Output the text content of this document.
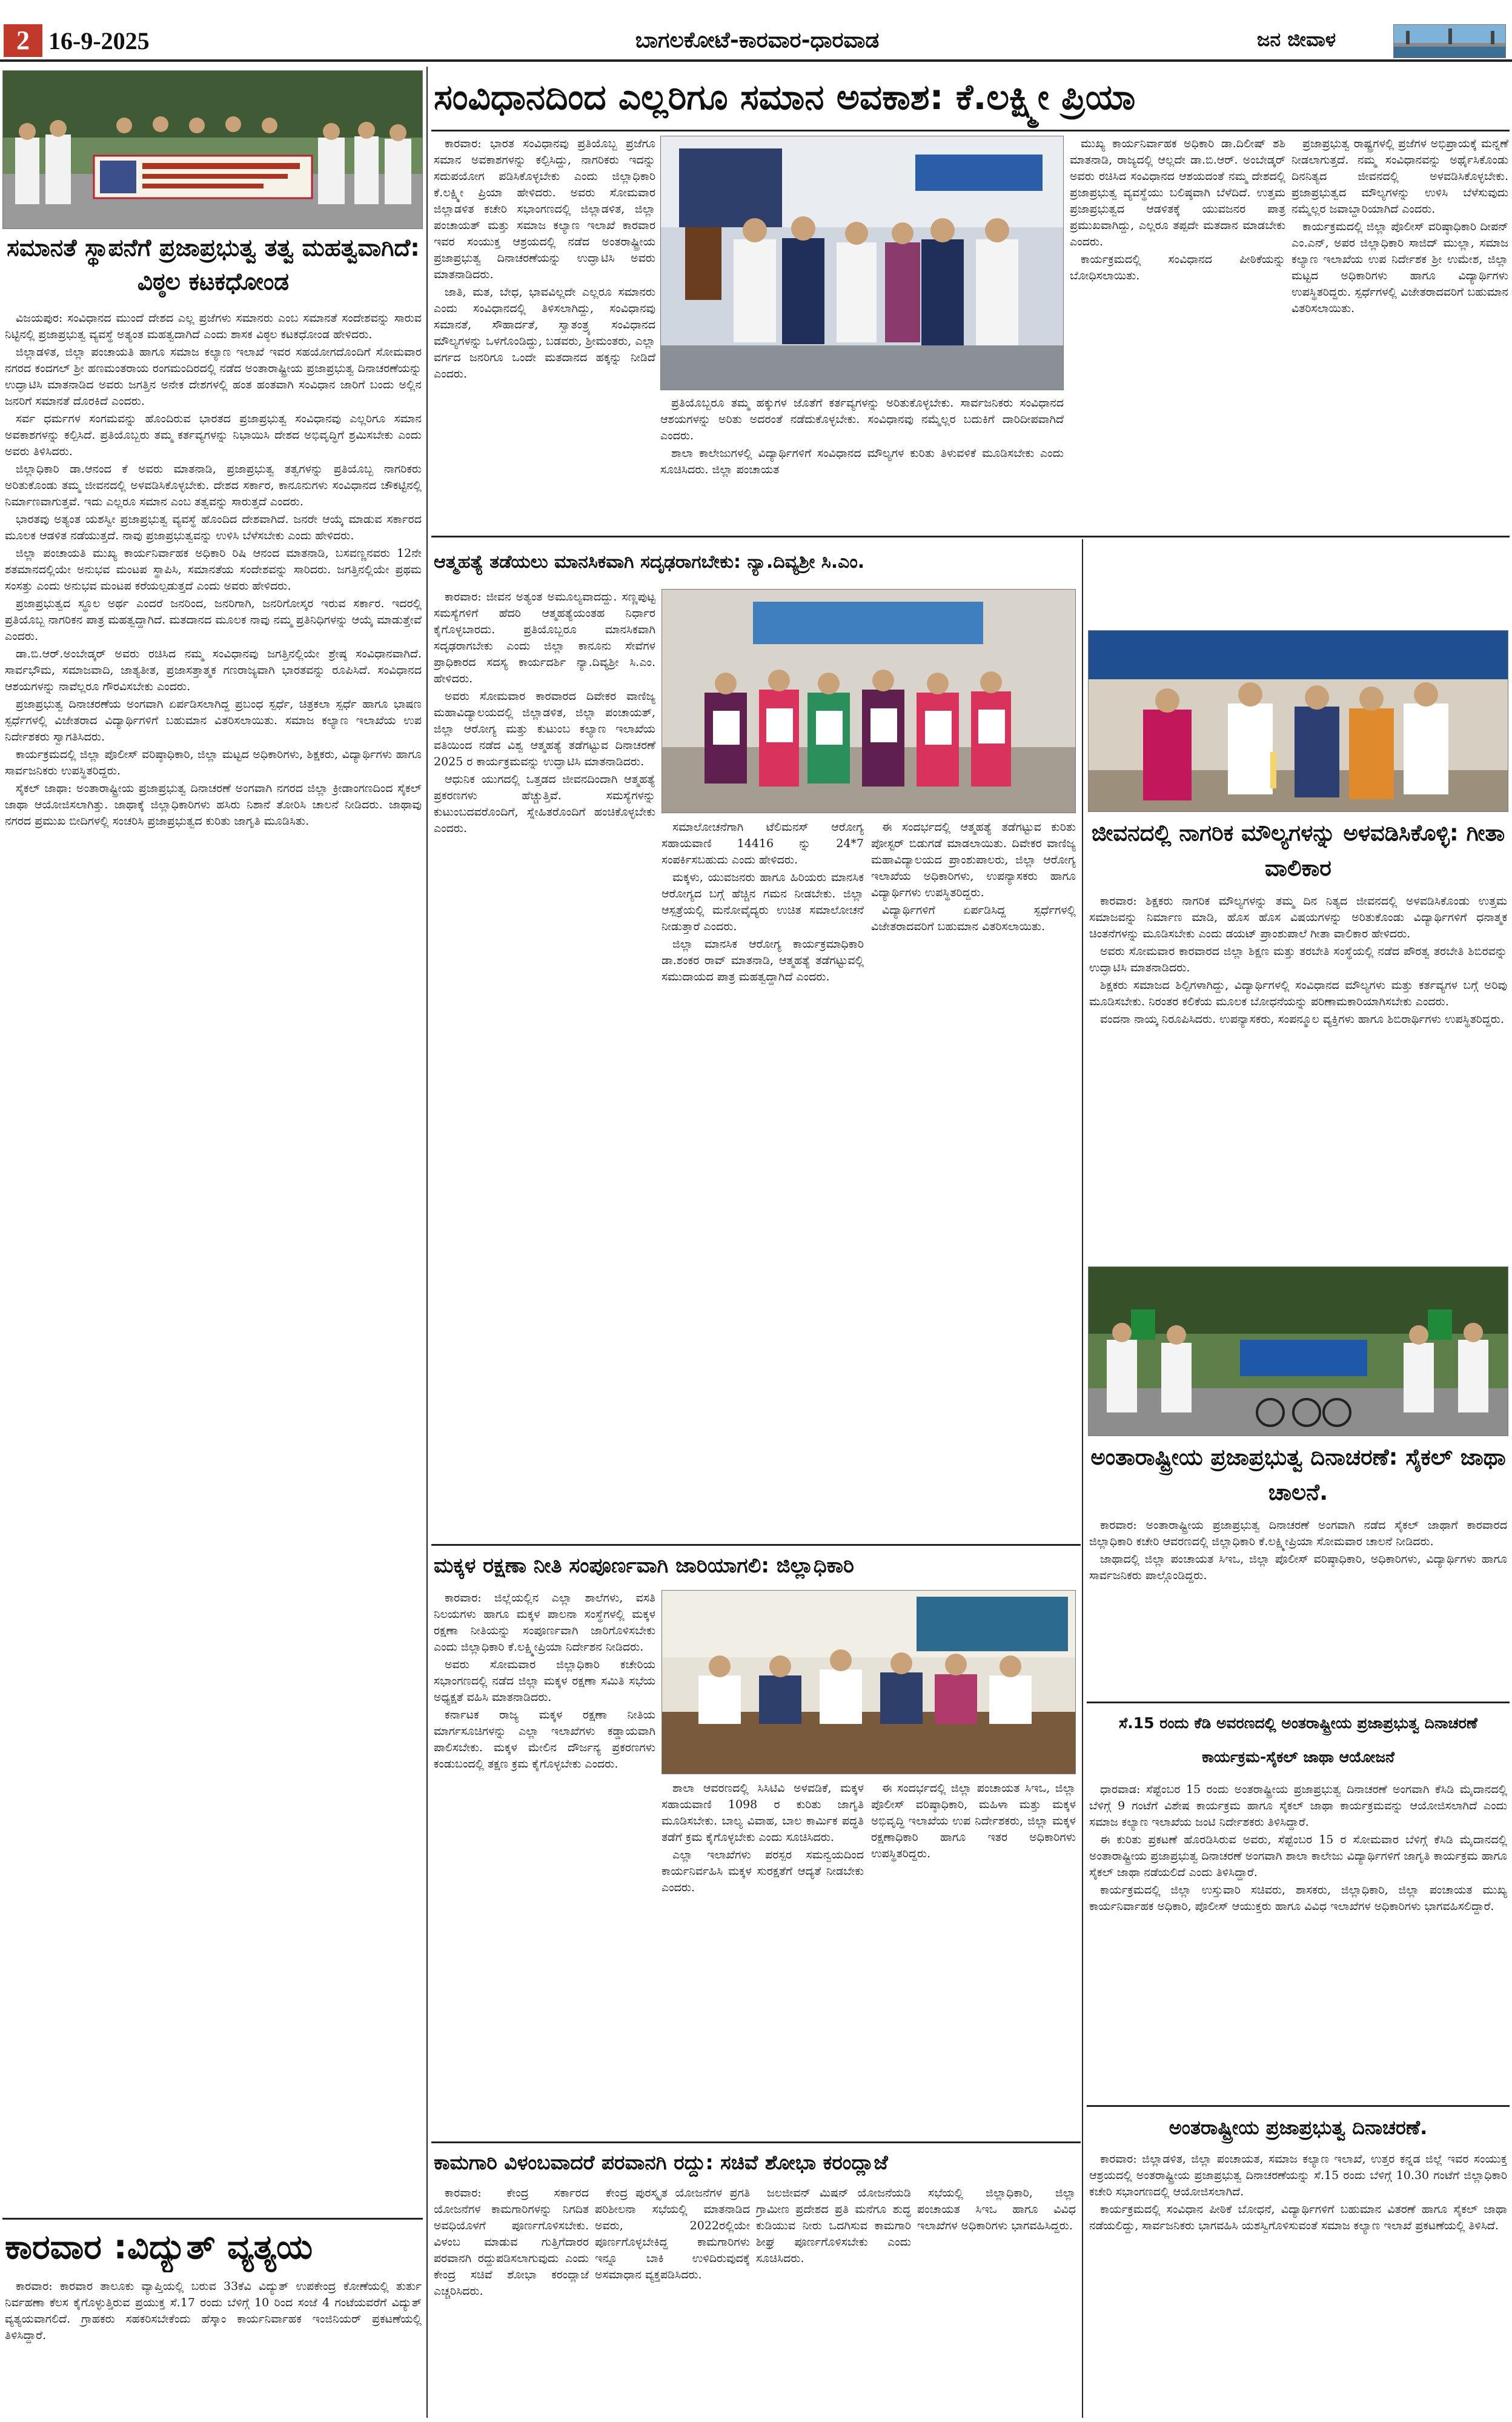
2 16-9-2025	ಬಾಗಲಕೋಟೆ-ಕಾರವಾರ-ಧಾರವಾಡ	ಜನ ಜೀವಾಳ
ಸಮಾನತೆ ಸ್ಥಾಪನೆಗೆ ಪ್ರಜಾಪ್ರಭುತ್ವ ತತ್ವ ಮಹತ್ವವಾಗಿದೆ: ವಿಠ್ಠಲ ಕಟಕಧೋಂಡ

ವಿಜಯಪುರ: ಸಂವಿಧಾನದ ಮುಂದೆ ದೇಶದ ಎಲ್ಲ ಪ್ರಜೆಗಳು ಸಮಾನರು ಎಂಬ ಸಮಾನತೆ ಸಂದೇಶವನ್ನು ಸಾರುವ ನಿಟ್ಟಿನಲ್ಲಿ ಪ್ರಜಾಪ್ರಭುತ್ವ ವ್ಯವಸ್ಥೆ ಅತ್ಯಂತ ಮಹತ್ವದಾಗಿದೆ ಎಂದು ಶಾಸಕ ವಿಠ್ಠಲ ಕಟಕಧೋಂಡ ಹೇಳಿದರು.

ಜಿಲ್ಲಾಡಳಿತ, ಜಿಲ್ಲಾ ಪಂಚಾಯತಿ ಹಾಗೂ ಸಮಾಜ ಕಲ್ಯಾಣ ಇಲಾಖೆ ಇವರ ಸಹಯೋಗದೊಂದಿಗೆ ಸೋಮವಾರ ನಗರದ ಕಂದಗಲ್ ಶ್ರೀ ಹಣಮಂತರಾಯ ರಂಗಮಂದಿರದಲ್ಲಿ ನಡೆದ ಅಂತಾರಾಷ್ಟ್ರೀಯ ಪ್ರಜಾಪ್ರಭುತ್ವ ದಿನಾಚರಣೆಯನ್ನು ಉದ್ಘಾಟಿಸಿ ಮಾತನಾಡಿದ ಅವರು ಜಗತ್ತಿನ ಅನೇಕ ದೇಶಗಳಲ್ಲಿ ಹಂತ ಹಂತವಾಗಿ ಸಂವಿಧಾನ ಜಾರಿಗೆ ಬಂದು ಅಲ್ಲಿನ ಜನರಿಗೆ ಸಮಾನತೆ ದೊರಕಿದೆ ಎಂದರು.

ಸರ್ವ ಧರ್ಮಗಳ ಸಂಗಮವನ್ನು ಹೊಂದಿರುವ ಭಾರತದ ಪ್ರಜಾಪ್ರಭುತ್ವ ಸಂವಿಧಾನವು ಎಲ್ಲರಿಗೂ ಸಮಾನ ಅವಕಾಶಗಳನ್ನು ಕಲ್ಪಿಸಿದೆ. ಪ್ರತಿಯೊಬ್ಬರು ತಮ್ಮ ಕರ್ತವ್ಯಗಳನ್ನು ನಿಭಾಯಿಸಿ ದೇಶದ ಅಭಿವೃದ್ಧಿಗೆ ಶ್ರಮಿಸಬೇಕು ಎಂದು ಅವರು ತಿಳಿಸಿದರು.

ಜಿಲ್ಲಾಧಿಕಾರಿ ಡಾ.ಆನಂದ ಕೆ ಅವರು ಮಾತನಾಡಿ, ಪ್ರಜಾಪ್ರಭುತ್ವ ತತ್ವಗಳನ್ನು ಪ್ರತಿಯೊಬ್ಬ ನಾಗರಿಕರು ಅರಿತುಕೊಂಡು ತಮ್ಮ ಜೀವನದಲ್ಲಿ ಅಳವಡಿಸಿಕೊಳ್ಳಬೇಕು. ದೇಶದ ಸರ್ಕಾರ, ಕಾನೂನುಗಳು ಸಂವಿಧಾನದ ಚೌಕಟ್ಟಿನಲ್ಲಿ ನಿರ್ಮಾಣವಾಗುತ್ತವೆ. ಇದು ಎಲ್ಲರೂ ಸಮಾನ ಎಂಬ ತತ್ವವನ್ನು ಸಾರುತ್ತದೆ ಎಂದರು.

ಭಾರತವು ಅತ್ಯಂತ ಯಶಸ್ವೀ ಪ್ರಜಾಪ್ರಭುತ್ವ ವ್ಯವಸ್ಥೆ ಹೊಂದಿದ ದೇಶವಾಗಿದೆ. ಜನರೇ ಆಯ್ಕೆ ಮಾಡುವ ಸರ್ಕಾರದ ಮೂಲಕ ಆಡಳಿತ ನಡೆಯುತ್ತದೆ. ನಾವು ಪ್ರಜಾಪ್ರಭುತ್ವವನ್ನು ಉಳಿಸಿ ಬೆಳೆಸಬೇಕು ಎಂದು ಹೇಳಿದರು.

ಜಿಲ್ಲಾ ಪಂಚಾಯತಿ ಮುಖ್ಯ ಕಾರ್ಯನಿರ್ವಾಹಕ ಅಧಿಕಾರಿ ರಿಷಿ ಆನಂದ ಮಾತನಾಡಿ, ಬಸವಣ್ಣನವರು 12ನೇ ಶತಮಾನದಲ್ಲಿಯೇ ಅನುಭವ ಮಂಟಪ ಸ್ಥಾಪಿಸಿ, ಸಮಾನತೆಯ ಸಂದೇಶವನ್ನು ಸಾರಿದರು. ಜಗತ್ತಿನಲ್ಲಿಯೇ ಪ್ರಥಮ ಸಂಸತ್ತು ಎಂದು ಅನುಭವ ಮಂಟಪ ಕರೆಯಲ್ಪಡುತ್ತದೆ ಎಂದು ಅವರು ಹೇಳಿದರು.

ಪ್ರಜಾಪ್ರಭುತ್ವದ ಸ್ಥೂಲ ಅರ್ಥ ಎಂದರೆ ಜನರಿಂದ, ಜನರಿಗಾಗಿ, ಜನರಿಗೋಸ್ಕರ ಇರುವ ಸರ್ಕಾರ. ಇದರಲ್ಲಿ ಪ್ರತಿಯೊಬ್ಬ ನಾಗರಿಕನ ಪಾತ್ರ ಮಹತ್ವದ್ದಾಗಿದೆ. ಮತದಾನದ ಮೂಲಕ ನಾವು ನಮ್ಮ ಪ್ರತಿನಿಧಿಗಳನ್ನು ಆಯ್ಕೆ ಮಾಡುತ್ತೇವೆ ಎಂದರು.

ಡಾ.ಬಿ.ಆರ್.ಅಂಬೇಡ್ಕರ್ ಅವರು ರಚಿಸಿದ ನಮ್ಮ ಸಂವಿಧಾನವು ಜಗತ್ತಿನಲ್ಲಿಯೇ ಶ್ರೇಷ್ಠ ಸಂವಿಧಾನವಾಗಿದೆ. ಸಾರ್ವಭೌಮ, ಸಮಾಜವಾದಿ, ಜಾತ್ಯತೀತ, ಪ್ರಜಾಸತ್ತಾತ್ಮಕ ಗಣರಾಜ್ಯವಾಗಿ ಭಾರತವನ್ನು ರೂಪಿಸಿದೆ. ಸಂವಿಧಾನದ ಆಶಯಗಳನ್ನು ನಾವೆಲ್ಲರೂ ಗೌರವಿಸಬೇಕು ಎಂದರು.

ಪ್ರಜಾಪ್ರಭುತ್ವ ದಿನಾಚರಣೆಯ ಅಂಗವಾಗಿ ಏರ್ಪಡಿಸಲಾಗಿದ್ದ ಪ್ರಬಂಧ ಸ್ಪರ್ಧೆ, ಚಿತ್ರಕಲಾ ಸ್ಪರ್ಧೆ ಹಾಗೂ ಭಾಷಣ ಸ್ಪರ್ಧೆಗಳಲ್ಲಿ ವಿಜೇತರಾದ ವಿದ್ಯಾರ್ಥಿಗಳಿಗೆ ಬಹುಮಾನ ವಿತರಿಸಲಾಯಿತು. ಸಮಾಜ ಕಲ್ಯಾಣ ಇಲಾಖೆಯ ಉಪ ನಿರ್ದೇಶಕರು ಸ್ವಾಗತಿಸಿದರು.

ಕಾರ್ಯಕ್ರಮದಲ್ಲಿ ಜಿಲ್ಲಾ ಪೊಲೀಸ್ ವರಿಷ್ಠಾಧಿಕಾರಿ, ಜಿಲ್ಲಾ ಮಟ್ಟದ ಅಧಿಕಾರಿಗಳು, ಶಿಕ್ಷಕರು, ವಿದ್ಯಾರ್ಥಿಗಳು ಹಾಗೂ ಸಾರ್ವಜನಿಕರು ಉಪಸ್ಥಿತರಿದ್ದರು.

ಸೈಕಲ್ ಜಾಥಾ: ಅಂತಾರಾಷ್ಟ್ರೀಯ ಪ್ರಜಾಪ್ರಭುತ್ವ ದಿನಾಚರಣೆ ಅಂಗವಾಗಿ ನಗರದ ಜಿಲ್ಲಾ ಕ್ರೀಡಾಂಗಣದಿಂದ ಸೈಕಲ್ ಜಾಥಾ ಆಯೋಜಿಸಲಾಗಿತ್ತು. ಜಾಥಾಕ್ಕೆ ಜಿಲ್ಲಾಧಿಕಾರಿಗಳು ಹಸಿರು ನಿಶಾನೆ ತೋರಿಸಿ ಚಾಲನೆ ನೀಡಿದರು. ಜಾಥಾವು ನಗರದ ಪ್ರಮುಖ ಬೀದಿಗಳಲ್ಲಿ ಸಂಚರಿಸಿ ಪ್ರಜಾಪ್ರಭುತ್ವದ ಕುರಿತು ಜಾಗೃತಿ ಮೂಡಿಸಿತು.

ಕಾರವಾರ :ವಿದ್ಯುತ್ ವ್ಯತ್ಯಯ

ಕಾರವಾರ: ಕಾರವಾರ ತಾಲೂಕು ವ್ಯಾಪ್ತಿಯಲ್ಲಿ ಬರುವ 33ಕೆವಿ ವಿದ್ಯುತ್ ಉಪಕೇಂದ್ರ ಕೋಣೆಯಲ್ಲಿ ತುರ್ತು ನಿರ್ವಹಣಾ ಕೆಲಸ ಕೈಗೊಳ್ಳುತ್ತಿರುವ ಪ್ರಯುಕ್ತ ಸೆ.17 ರಂದು ಬೆಳಿಗ್ಗೆ 10 ರಿಂದ ಸಂಜೆ 4 ಗಂಟೆಯವರೆಗೆ ವಿದ್ಯುತ್ ವ್ಯತ್ಯಯವಾಗಲಿದೆ. ಗ್ರಾಹಕರು ಸಹಕರಿಸಬೇಕೆಂದು ಹೆಸ್ಕಾಂ ಕಾರ್ಯನಿರ್ವಾಹಕ ಇಂಜಿನಿಯರ್ ಪ್ರಕಟಣೆಯಲ್ಲಿ ತಿಳಿಸಿದ್ದಾರೆ.

ಸಂವಿಧಾನದಿಂದ ಎಲ್ಲರಿಗೂ ಸಮಾನ ಅವಕಾಶ: ಕೆ.ಲಕ್ಷ್ಮೀ ಪ್ರಿಯಾ

ಕಾರವಾರ: ಭಾರತ ಸಂವಿಧಾನವು ಪ್ರತಿಯೊಬ್ಬ ಪ್ರಜೆಗೂ ಸಮಾನ ಅವಕಾಶಗಳನ್ನು ಕಲ್ಪಿಸಿದ್ದು, ನಾಗರಿಕರು ಇದನ್ನು ಸದುಪಯೋಗ ಪಡಿಸಿಕೊಳ್ಳಬೇಕು ಎಂದು ಜಿಲ್ಲಾಧಿಕಾರಿ ಕೆ.ಲಕ್ಷ್ಮೀ ಪ್ರಿಯಾ ಹೇಳಿದರು. ಅವರು ಸೋಮವಾರ ಜಿಲ್ಲಾಡಳಿತ ಕಚೇರಿ ಸಭಾಂಗಣದಲ್ಲಿ ಜಿಲ್ಲಾಡಳಿತ, ಜಿಲ್ಲಾ ಪಂಚಾಯತ್ ಮತ್ತು ಸಮಾಜ ಕಲ್ಯಾಣ ಇಲಾಖೆ ಕಾರವಾರ ಇವರ ಸಂಯುಕ್ತ ಆಶ್ರಯದಲ್ಲಿ ನಡೆದ ಅಂತರಾಷ್ಟ್ರೀಯ ಪ್ರಜಾಪ್ರಭುತ್ವ ದಿನಾಚರಣೆಯನ್ನು ಉದ್ಘಾಟಿಸಿ ಅವರು ಮಾತನಾಡಿದರು.

ಜಾತಿ, ಮತ, ಬೇಧ, ಭಾವವಿಲ್ಲದೇ ಎಲ್ಲರೂ ಸಮಾನರು ಎಂದು ಸಂವಿಧಾನದಲ್ಲಿ ತಿಳಿಸಲಾಗಿದ್ದು, ಸಂವಿಧಾನವು ಸಮಾನತೆ, ಸೌಹಾರ್ದತೆ, ಸ್ವಾತಂತ್ರ್ಯ ಸಂವಿಧಾನದ ಮೌಲ್ಯಗಳನ್ನು ಒಳಗೊಂಡಿದ್ದು, ಬಡವರು, ಶ್ರೀಮಂತರು, ಎಲ್ಲಾ ವರ್ಗದ ಜನರಿಗೂ ಒಂದೇ ಮತದಾನದ ಹಕ್ಕನ್ನು ನೀಡಿದೆ ಎಂದರು.

ಪ್ರತಿಯೊಬ್ಬರೂ ತಮ್ಮ ಹಕ್ಕುಗಳ ಜೊತೆಗೆ ಕರ್ತವ್ಯಗಳನ್ನು ಅರಿತುಕೊಳ್ಳಬೇಕು. ಸಾರ್ವಜನಿಕರು ಸಂವಿಧಾನದ ಆಶಯಗಳನ್ನು ಅರಿತು ಅದರಂತೆ ನಡೆದುಕೊಳ್ಳಬೇಕು. ಸಂವಿಧಾನವು ನಮ್ಮೆಲ್ಲರ ಬದುಕಿಗೆ ದಾರಿದೀಪವಾಗಿದೆ ಎಂದರು.

ಶಾಲಾ ಕಾಲೇಜುಗಳಲ್ಲಿ ವಿದ್ಯಾರ್ಥಿಗಳಿಗೆ ಸಂವಿಧಾನದ ಮೌಲ್ಯಗಳ ಕುರಿತು ತಿಳುವಳಿಕೆ ಮೂಡಿಸಬೇಕು ಎಂದು ಸೂಚಿಸಿದರು. ಜಿಲ್ಲಾ ಪಂಚಾಯತ

ಮುಖ್ಯ ಕಾರ್ಯನಿರ್ವಾಹಕ ಅಧಿಕಾರಿ ಡಾ.ದಿಲೀಷ್ ಶಶಿ ಮಾತನಾಡಿ, ರಾಜ್ಯದಲ್ಲಿ ಆಲ್ಲದೇ ಡಾ.ಬಿ.ಆರ್. ಅಂಬೇಡ್ಕರ್ ಅವರು ರಚಿಸಿದ ಸಂವಿಧಾನದ ಆಶಯದಂತೆ ನಮ್ಮ ದೇಶದಲ್ಲಿ ಪ್ರಜಾಪ್ರಭುತ್ವ ವ್ಯವಸ್ಥೆಯು ಬಲಿಷ್ಠವಾಗಿ ಬೆಳೆದಿದೆ. ಉತ್ತಮ ಪ್ರಜಾಪ್ರಭುತ್ವದ ಆಡಳಿತಕ್ಕೆ ಯುವಜನರ ಪಾತ್ರ ಪ್ರಮುಖವಾಗಿದ್ದು, ಎಲ್ಲರೂ ತಪ್ಪದೇ ಮತದಾನ ಮಾಡಬೇಕು ಎಂದರು.

ಕಾರ್ಯಕ್ರಮದಲ್ಲಿ ಸಂವಿಧಾನದ ಪೀಠಿಕೆಯನ್ನು ಬೋಧಿಸಲಾಯಿತು.

ಪ್ರಜಾಪ್ರಭುತ್ವ ರಾಷ್ಟ್ರಗಳಲ್ಲಿ ಪ್ರಜೆಗಳ ಅಭಿಪ್ರಾಯಕ್ಕೆ ಮನ್ನಣೆ ನೀಡಲಾಗುತ್ತದೆ. ನಮ್ಮ ಸಂವಿಧಾನವನ್ನು ಅರ್ಥೈಸಿಕೊಂಡು ದಿನನಿತ್ಯದ ಜೀವನದಲ್ಲಿ ಅಳವಡಿಸಿಕೊಳ್ಳಬೇಕು. ಪ್ರಜಾಪ್ರಭುತ್ವದ ಮೌಲ್ಯಗಳನ್ನು ಉಳಿಸಿ ಬೆಳೆಸುವುದು ನಮ್ಮೆಲ್ಲರ ಜವಾಬ್ದಾರಿಯಾಗಿದೆ ಎಂದರು.

ಕಾರ್ಯಕ್ರಮದಲ್ಲಿ ಜಿಲ್ಲಾ ಪೊಲೀಸ್ ವರಿಷ್ಠಾಧಿಕಾರಿ ದೀಪನ್ ಎಂ.ಎನ್, ಅಪರ ಜಿಲ್ಲಾಧಿಕಾರಿ ಸಾಜಿದ್ ಮುಲ್ಲಾ, ಸಮಾಜ ಕಲ್ಯಾಣ ಇಲಾಖೆಯ ಉಪ ನಿರ್ದೇಶಕ ಶ್ರೀ ಉಮೇಶ, ಜಿಲ್ಲಾ ಮಟ್ಟದ ಅಧಿಕಾರಿಗಳು ಹಾಗೂ ವಿದ್ಯಾರ್ಥಿಗಳು ಉಪಸ್ಥಿತರಿದ್ದರು. ಸ್ಪರ್ಧೆಗಳಲ್ಲಿ ವಿಜೇತರಾದವರಿಗೆ ಬಹುಮಾನ ವಿತರಿಸಲಾಯಿತು.

ಆತ್ಮಹತ್ಯೆ ತಡೆಯಲು ಮಾನಸಿಕವಾಗಿ ಸದೃಢರಾಗಬೇಕು: ನ್ಯಾ.ದಿವ್ಯಶ್ರೀ ಸಿ.ಎಂ.

ಕಾರವಾರ: ಜೀವನ ಅತ್ಯಂತ ಅಮೂಲ್ಯವಾದದ್ದು. ಸಣ್ಣಪುಟ್ಟ ಸಮಸ್ಯೆಗಳಿಗೆ ಹೆದರಿ ಆತ್ಮಹತ್ಯೆಯಂತಹ ನಿರ್ಧಾರ ಕೈಗೊಳ್ಳಬಾರದು. ಪ್ರತಿಯೊಬ್ಬರೂ ಮಾನಸಿಕವಾಗಿ ಸದೃಢರಾಗಬೇಕು ಎಂದು ಜಿಲ್ಲಾ ಕಾನೂನು ಸೇವೆಗಳ ಪ್ರಾಧಿಕಾರದ ಸದಸ್ಯ ಕಾರ್ಯದರ್ಶಿ ನ್ಯಾ.ದಿವ್ಯಶ್ರೀ ಸಿ.ಎಂ. ಹೇಳಿದರು.

ಅವರು ಸೋಮವಾರ ಕಾರವಾರದ ದಿವೇಕರ ವಾಣಿಜ್ಯ ಮಹಾವಿದ್ಯಾಲಯದಲ್ಲಿ ಜಿಲ್ಲಾಡಳಿತ, ಜಿಲ್ಲಾ ಪಂಚಾಯತ್, ಜಿಲ್ಲಾ ಆರೋಗ್ಯ ಮತ್ತು ಕುಟುಂಬ ಕಲ್ಯಾಣ ಇಲಾಖೆಯ ವತಿಯಿಂದ ನಡೆದ ವಿಶ್ವ ಆತ್ಮಹತ್ಯೆ ತಡೆಗಟ್ಟುವ ದಿನಾಚರಣೆ 2025 ರ ಕಾರ್ಯಕ್ರಮವನ್ನು ಉದ್ಘಾಟಿಸಿ ಮಾತನಾಡಿದರು.

ಆಧುನಿಕ ಯುಗದಲ್ಲಿ ಒತ್ತಡದ ಜೀವನದಿಂದಾಗಿ ಆತ್ಮಹತ್ಯೆ ಪ್ರಕರಣಗಳು ಹೆಚ್ಚುತ್ತಿವೆ. ಸಮಸ್ಯೆಗಳನ್ನು ಕುಟುಂಬದವರೊಂದಿಗೆ, ಸ್ನೇಹಿತರೊಂದಿಗೆ ಹಂಚಿಕೊಳ್ಳಬೇಕು ಎಂದರು.	ಸಮಾಲೋಚನೆಗಾಗಿ ಟೆಲಿಮನಸ್ ಆರೋಗ್ಯ ಸಹಾಯವಾಣಿ 14416 ನ್ನು 24*7 ಸಂಪರ್ಕಿಸಬಹುದು ಎಂದು ಹೇಳಿದರು.

ಮಕ್ಕಳು, ಯುವಜನರು ಹಾಗೂ ಹಿರಿಯರು ಮಾನಸಿಕ ಆರೋಗ್ಯದ ಬಗ್ಗೆ ಹೆಚ್ಚಿನ ಗಮನ ನೀಡಬೇಕು. ಜಿಲ್ಲಾ ಆಸ್ಪತ್ರೆಯಲ್ಲಿ ಮನೋವೈದ್ಯರು ಉಚಿತ ಸಮಾಲೋಚನೆ ನೀಡುತ್ತಾರೆ ಎಂದರು.

ಜಿಲ್ಲಾ ಮಾನಸಿಕ ಆರೋಗ್ಯ ಕಾರ್ಯಕ್ರಮಾಧಿಕಾರಿ ಡಾ.ಶಂಕರ ರಾವ್ ಮಾತನಾಡಿ, ಆತ್ಮಹತ್ಯೆ ತಡೆಗಟ್ಟುವಲ್ಲಿ ಸಮುದಾಯದ ಪಾತ್ರ ಮಹತ್ವದ್ದಾಗಿದೆ ಎಂದರು.

ಈ ಸಂದರ್ಭದಲ್ಲಿ ಆತ್ಮಹತ್ಯೆ ತಡೆಗಟ್ಟುವ ಕುರಿತು ಪೋಸ್ಟರ್ ಬಿಡುಗಡೆ ಮಾಡಲಾಯಿತು. ದಿವೇಕರ ವಾಣಿಜ್ಯ ಮಹಾವಿದ್ಯಾಲಯದ ಪ್ರಾಂಶುಪಾಲರು, ಜಿಲ್ಲಾ ಆರೋಗ್ಯ ಇಲಾಖೆಯ ಅಧಿಕಾರಿಗಳು, ಉಪನ್ಯಾಸಕರು ಹಾಗೂ ವಿದ್ಯಾರ್ಥಿಗಳು ಉಪಸ್ಥಿತರಿದ್ದರು.

ವಿದ್ಯಾರ್ಥಿಗಳಿಗೆ ಏರ್ಪಡಿಸಿದ್ದ ಸ್ಪರ್ಧೆಗಳಲ್ಲಿ ವಿಜೇತರಾದವರಿಗೆ ಬಹುಮಾನ ವಿತರಿಸಲಾಯಿತು.

ಮಕ್ಕಳ ರಕ್ಷಣಾ ನೀತಿ ಸಂಪೂರ್ಣವಾಗಿ ಜಾರಿಯಾಗಲಿ: ಜಿಲ್ಲಾಧಿಕಾರಿ

ಕಾರವಾರ: ಜಿಲ್ಲೆಯಲ್ಲಿನ ಎಲ್ಲಾ ಶಾಲೆಗಳು, ವಸತಿ ನಿಲಯಗಳು ಹಾಗೂ ಮಕ್ಕಳ ಪಾಲನಾ ಸಂಸ್ಥೆಗಳಲ್ಲಿ ಮಕ್ಕಳ ರಕ್ಷಣಾ ನೀತಿಯನ್ನು ಸಂಪೂರ್ಣವಾಗಿ ಜಾರಿಗೊಳಿಸಬೇಕು ಎಂದು ಜಿಲ್ಲಾಧಿಕಾರಿ ಕೆ.ಲಕ್ಷ್ಮೀಪ್ರಿಯಾ ನಿರ್ದೇಶನ ನೀಡಿದರು.

ಅವರು ಸೋಮವಾರ ಜಿಲ್ಲಾಧಿಕಾರಿ ಕಚೇರಿಯ ಸಭಾಂಗಣದಲ್ಲಿ ನಡೆದ ಜಿಲ್ಲಾ ಮಕ್ಕಳ ರಕ್ಷಣಾ ಸಮಿತಿ ಸಭೆಯ ಅಧ್ಯಕ್ಷತೆ ವಹಿಸಿ ಮಾತನಾಡಿದರು.

ಕರ್ನಾಟಕ ರಾಜ್ಯ ಮಕ್ಕಳ ರಕ್ಷಣಾ ನೀತಿಯ ಮಾರ್ಗಸೂಚಿಗಳನ್ನು ಎಲ್ಲಾ ಇಲಾಖೆಗಳು ಕಡ್ಡಾಯವಾಗಿ ಪಾಲಿಸಬೇಕು. ಮಕ್ಕಳ ಮೇಲಿನ ದೌರ್ಜನ್ಯ ಪ್ರಕರಣಗಳು ಕಂಡುಬಂದಲ್ಲಿ ತಕ್ಷಣ ಕ್ರಮ ಕೈಗೊಳ್ಳಬೇಕು ಎಂದರು.

ಶಾಲಾ ಆವರಣದಲ್ಲಿ ಸಿಸಿಟಿವಿ ಅಳವಡಿಕೆ, ಮಕ್ಕಳ ಸಹಾಯವಾಣಿ 1098 ರ ಕುರಿತು ಜಾಗೃತಿ ಮೂಡಿಸಬೇಕು. ಬಾಲ್ಯ ವಿವಾಹ, ಬಾಲ ಕಾರ್ಮಿಕ ಪದ್ಧತಿ ತಡೆಗೆ ಕ್ರಮ ಕೈಗೊಳ್ಳಬೇಕು ಎಂದು ಸೂಚಿಸಿದರು.

ಎಲ್ಲಾ ಇಲಾಖೆಗಳು ಪರಸ್ಪರ ಸಮನ್ವಯದಿಂದ ಕಾರ್ಯನಿರ್ವಹಿಸಿ ಮಕ್ಕಳ ಸುರಕ್ಷತೆಗೆ ಆದ್ಯತೆ ನೀಡಬೇಕು ಎಂದರು.

ಈ ಸಂದರ್ಭದಲ್ಲಿ ಜಿಲ್ಲಾ ಪಂಚಾಯತ ಸಿಇಒ, ಜಿಲ್ಲಾ ಪೊಲೀಸ್ ವರಿಷ್ಠಾಧಿಕಾರಿ, ಮಹಿಳಾ ಮತ್ತು ಮಕ್ಕಳ ಅಭಿವೃದ್ಧಿ ಇಲಾಖೆಯ ಉಪ ನಿರ್ದೇಶಕರು, ಜಿಲ್ಲಾ ಮಕ್ಕಳ ರಕ್ಷಣಾಧಿಕಾರಿ ಹಾಗೂ ಇತರ ಅಧಿಕಾರಿಗಳು ಉಪಸ್ಥಿತರಿದ್ದರು.

ಕಾಮಗಾರಿ ವಿಳಂಬವಾದರೆ ಪರವಾನಗಿ ರದ್ದು: ಸಚಿವೆ ಶೋಭಾ ಕರಂದ್ಲಾಜೆ

ಕಾರವಾರ: ಕೇಂದ್ರ ಸರ್ಕಾರದ ಯೋಜನೆಗಳ ಕಾಮಗಾರಿಗಳನ್ನು ನಿಗದಿತ ಅವಧಿಯೊಳಗೆ ಪೂರ್ಣಗೊಳಿಸಬೇಕು. ವಿಳಂಬ ಮಾಡುವ ಗುತ್ತಿಗೆದಾರರ ಪರವಾನಗಿ ರದ್ದುಪಡಿಸಲಾಗುವುದು ಎಂದು ಕೇಂದ್ರ ಸಚಿವೆ ಶೋಭಾ ಕರಂದ್ಲಾಜೆ ಎಚ್ಚರಿಸಿದರು.

ಕೇಂದ್ರ ಪುರಸ್ಕೃತ ಯೋಜನೆಗಳ ಪ್ರಗತಿ ಪರಿಶೀಲನಾ ಸಭೆಯಲ್ಲಿ ಮಾತನಾಡಿದ ಅವರು, 2022ರಲ್ಲಿಯೇ ಪೂರ್ಣಗೊಳ್ಳಬೇಕಿದ್ದ ಕಾಮಗಾರಿಗಳು ಇನ್ನೂ ಬಾಕಿ ಉಳಿದಿರುವುದಕ್ಕೆ ಅಸಮಾಧಾನ ವ್ಯಕ್ತಪಡಿಸಿದರು.

ಜಲಜೀವನ್ ಮಿಷನ್ ಯೋಜನೆಯಡಿ ಗ್ರಾಮೀಣ ಪ್ರದೇಶದ ಪ್ರತಿ ಮನೆಗೂ ಶುದ್ಧ ಕುಡಿಯುವ ನೀರು ಒದಗಿಸುವ ಕಾಮಗಾರಿ ಶೀಘ್ರ ಪೂರ್ಣಗೊಳಿಸಬೇಕು ಎಂದು ಸೂಚಿಸಿದರು.

ಸಭೆಯಲ್ಲಿ ಜಿಲ್ಲಾಧಿಕಾರಿ, ಜಿಲ್ಲಾ ಪಂಚಾಯತ ಸಿಇಒ ಹಾಗೂ ವಿವಿಧ ಇಲಾಖೆಗಳ ಅಧಿಕಾರಿಗಳು ಭಾಗವಹಿಸಿದ್ದರು.

ಜೀವನದಲ್ಲಿ ನಾಗರಿಕ ಮೌಲ್ಯಗಳನ್ನು ಅಳವಡಿಸಿಕೊಳ್ಳಿ: ಗೀತಾ ವಾಲಿಕಾರ

ಕಾರವಾರ: ಶಿಕ್ಷಕರು ನಾಗರಿಕ ಮೌಲ್ಯಗಳನ್ನು ತಮ್ಮ ದಿನ ನಿತ್ಯದ ಜೀವನದಲ್ಲಿ ಅಳವಡಿಸಿಕೊಂಡು ಉತ್ತಮ ಸಮಾಜವನ್ನು ನಿರ್ಮಾಣ ಮಾಡಿ, ಹೊಸ ಹೊಸ ವಿಷಯಗಳನ್ನು ಅರಿತುಕೊಂಡು ವಿದ್ಯಾರ್ಥಿಗಳಿಗೆ ಧನಾತ್ಮಕ ಚಿಂತನೆಗಳನ್ನು ಮೂಡಿಸಬೇಕು ಎಂದು ಡಯಟ್ ಪ್ರಾಂಶುಪಾಲೆ ಗೀತಾ ವಾಲಿಕಾರ ಹೇಳಿದರು.

ಅವರು ಸೋಮವಾರ ಕಾರವಾರದ ಜಿಲ್ಲಾ ಶಿಕ್ಷಣ ಮತ್ತು ತರಬೇತಿ ಸಂಸ್ಥೆಯಲ್ಲಿ ನಡೆದ ಪೌರತ್ವ ತರಬೇತಿ ಶಿಬಿರವನ್ನು ಉದ್ಘಾಟಿಸಿ ಮಾತನಾಡಿದರು.

ಶಿಕ್ಷಕರು ಸಮಾಜದ ಶಿಲ್ಪಿಗಳಾಗಿದ್ದು, ವಿದ್ಯಾರ್ಥಿಗಳಲ್ಲಿ ಸಂವಿಧಾನದ ಮೌಲ್ಯಗಳು ಮತ್ತು ಕರ್ತವ್ಯಗಳ ಬಗ್ಗೆ ಅರಿವು ಮೂಡಿಸಬೇಕು. ನಿರಂತರ ಕಲಿಕೆಯ ಮೂಲಕ ಬೋಧನೆಯನ್ನು ಪರಿಣಾಮಕಾರಿಯಾಗಿಸಬೇಕು ಎಂದರು.

ವಂದನಾ ನಾಯ್ಕ ನಿರೂಪಿಸಿದರು. ಉಪನ್ಯಾಸಕರು, ಸಂಪನ್ಮೂಲ ವ್ಯಕ್ತಿಗಳು ಹಾಗೂ ಶಿಬಿರಾರ್ಥಿಗಳು ಉಪಸ್ಥಿತರಿದ್ದರು.

ಅಂತಾರಾಷ್ಟ್ರೀಯ ಪ್ರಜಾಪ್ರಭುತ್ವ ದಿನಾಚರಣೆ: ಸೈಕಲ್ ಜಾಥಾ ಚಾಲನೆ.

ಕಾರವಾರ: ಅಂತಾರಾಷ್ಟ್ರೀಯ ಪ್ರಜಾಪ್ರಭುತ್ವ ದಿನಾಚರಣೆ ಅಂಗವಾಗಿ ನಡೆದ ಸೈಕಲ್ ಜಾಥಾಗೆ ಕಾರವಾರದ ಜಿಲ್ಲಾಧಿಕಾರಿ ಕಚೇರಿ ಆವರಣದಲ್ಲಿ ಜಿಲ್ಲಾಧಿಕಾರಿ ಕೆ.ಲಕ್ಷ್ಮೀಪ್ರಿಯಾ ಸೋಮವಾರ ಚಾಲನೆ ನೀಡಿದರು.

ಜಾಥಾದಲ್ಲಿ ಜಿಲ್ಲಾ ಪಂಚಾಯತ ಸಿಇಒ, ಜಿಲ್ಲಾ ಪೊಲೀಸ್ ವರಿಷ್ಠಾಧಿಕಾರಿ, ಅಧಿಕಾರಿಗಳು, ವಿದ್ಯಾರ್ಥಿಗಳು ಹಾಗೂ ಸಾರ್ವಜನಿಕರು ಪಾಲ್ಗೊಂಡಿದ್ದರು.

ಸೆ.15 ರಂದು ಕೆಡಿ ಅವರಣದಲ್ಲಿ ಅಂತರಾಷ್ಟ್ರೀಯ ಪ್ರಜಾಪ್ರಭುತ್ವ ದಿನಾಚರಣೆ ಕಾರ್ಯಕ್ರಮ-ಸೈಕಲ್ ಜಾಥಾ ಆಯೋಜನೆ

ಧಾರವಾಡ: ಸೆಪ್ಟೆಂಬರ 15 ರಂದು ಅಂತರಾಷ್ಟ್ರೀಯ ಪ್ರಜಾಪ್ರಭುತ್ವ ದಿನಾಚರಣೆ ಅಂಗವಾಗಿ ಕೆಸಿಡಿ ಮೈದಾನದಲ್ಲಿ ಬೆಳಿಗ್ಗೆ 9 ಗಂಟೆಗೆ ವಿಶೇಷ ಕಾರ್ಯಕ್ರಮ ಹಾಗೂ ಸೈಕಲ್ ಜಾಥಾ ಕಾರ್ಯಕ್ರಮವನ್ನು ಆಯೋಜಿಸಲಾಗಿದೆ ಎಂದು ಸಮಾಜ ಕಲ್ಯಾಣ ಇಲಾಖೆಯ ಜಂಟಿ ನಿರ್ದೇಶಕರು ತಿಳಿಸಿದ್ದಾರೆ.

ಈ ಕುರಿತು ಪ್ರಕಟಣೆ ಹೊರಡಿಸಿರುವ ಅವರು, ಸೆಪ್ಟೆಂಬರ 15 ರ ಸೋಮವಾರ ಬೆಳಿಗ್ಗೆ ಕೆಸಿಡಿ ಮೈದಾನದಲ್ಲಿ ಅಂತಾರಾಷ್ಟ್ರೀಯ ಪ್ರಜಾಪ್ರಭುತ್ವ ದಿನಾಚರಣೆ ಅಂಗವಾಗಿ ಶಾಲಾ ಕಾಲೇಜು ವಿದ್ಯಾರ್ಥಿಗಳಿಗೆ ಜಾಗೃತಿ ಕಾರ್ಯಕ್ರಮ ಹಾಗೂ ಸೈಕಲ್ ಜಾಥಾ ನಡೆಯಲಿದೆ ಎಂದು ತಿಳಿಸಿದ್ದಾರೆ.

ಕಾರ್ಯಕ್ರಮದಲ್ಲಿ ಜಿಲ್ಲಾ ಉಸ್ತುವಾರಿ ಸಚಿವರು, ಶಾಸಕರು, ಜಿಲ್ಲಾಧಿಕಾರಿ, ಜಿಲ್ಲಾ ಪಂಚಾಯತ ಮುಖ್ಯ ಕಾರ್ಯನಿರ್ವಾಹಕ ಅಧಿಕಾರಿ, ಪೊಲೀಸ್ ಆಯುಕ್ತರು ಹಾಗೂ ವಿವಿಧ ಇಲಾಖೆಗಳ ಅಧಿಕಾರಿಗಳು ಭಾಗವಹಿಸಲಿದ್ದಾರೆ.

ಅಂತರಾಷ್ಟ್ರೀಯ ಪ್ರಜಾಪ್ರಭುತ್ವ ದಿನಾಚರಣೆ.

ಕಾರವಾರ: ಜಿಲ್ಲಾಡಳಿತ, ಜಿಲ್ಲಾ ಪಂಚಾಯತ, ಸಮಾಜ ಕಲ್ಯಾಣ ಇಲಾಖೆ, ಉತ್ತರ ಕನ್ನಡ ಜಿಲ್ಲೆ ಇವರ ಸಂಯುಕ್ತ ಆಶ್ರಯದಲ್ಲಿ ಅಂತರಾಷ್ಟ್ರೀಯ ಪ್ರಜಾಪ್ರಭುತ್ವ ದಿನಾಚರಣೆಯನ್ನು ಸೆ.15 ರಂದು ಬೆಳಿಗ್ಗೆ 10.30 ಗಂಟೆಗೆ ಜಿಲ್ಲಾಧಿಕಾರಿ ಕಚೇರಿ ಸಭಾಂಗಣದಲ್ಲಿ ಆಯೋಜಿಸಲಾಗಿದೆ.

ಕಾರ್ಯಕ್ರಮದಲ್ಲಿ ಸಂವಿಧಾನ ಪೀಠಿಕೆ ಬೋಧನೆ, ವಿದ್ಯಾರ್ಥಿಗಳಿಗೆ ಬಹುಮಾನ ವಿತರಣೆ ಹಾಗೂ ಸೈಕಲ್ ಜಾಥಾ ನಡೆಯಲಿದ್ದು, ಸಾರ್ವಜನಿಕರು ಭಾಗವಹಿಸಿ ಯಶಸ್ವಿಗೊಳಿಸುವಂತೆ ಸಮಾಜ ಕಲ್ಯಾಣ ಇಲಾಖೆ ಪ್ರಕಟಣೆಯಲ್ಲಿ ತಿಳಿಸಿದೆ.
